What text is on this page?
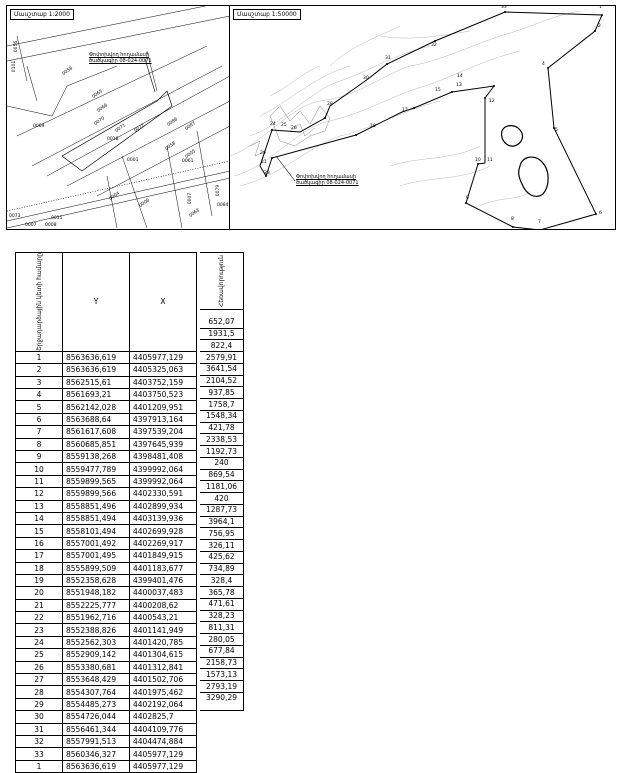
Մասշտաբ 1:2000
Փոփոխվող հողամասի
ծածկագիր 08-024-0071
0056
0101	0058
0065
0066
0069	0070
0071 0072
0086 0087
0018
0001
0058
0005
0061
0004
0006	0007
0063
0079
0084
0073	0015
0007 0008
Մասշտաբ 1:50000
Փոփոխվող հողամասի
ծածկագիր 08-024-0071
1
2
4
5
6
7
8
9
10 11
12
13
14
15
17
18
20
21
23
24 25
26
28
30
31
32
33
Շրջադարձային կետի համարը	Y	X
1	8563636,619	4405977,129
2	8563636,619	4405325,063
3	8562515,61	4403752,159
4	8561693,21	4403750,523
5	8562142,028	4401209,951
6	8563688,64	4397913,164
7	8561617,608	4397539,204
8	8560685,851	4397645,939
9	8559138,268	4398481,408
10	8559477,789	4399992,064
11	8559899,565	4399992,064
12	8559899,566	4402330,591
13	8558851,496	4402899,934
14	8558851,494	4403139,936
15	8558101,494	4402699,928
16	8557001,492	4402269,917
17	8557001,495	4401849,915
18	8555899,509	4401183,677
19	8552358,628	4399401,476
20	8551948,182	4400037,483
21	8552225,777	4400208,62
22	8551962,716	4400543,21
23	8552388,826	4401141,949
24	8552562,303	4401420,785
25	8552909,142	4401304,615
26	8553380,681	4401312,841
27	8553648,429	4401502,706
28	8554307,764	4401975,462
29	8554485,273	4402192,064
30	8554726,044	4402825,7
31	8556461,344	4404109,776
32	8557991,513	4404474,884
33	8560346,327	4405977,129
1	8563636,619	4405977,129
Հեռավորություն
652,07
1931,5
822,4
2579,91
3641,54
2104,52
937,85
1758,7
1548,34
421,78
2338,53
1192,73
240
869,54
1181,06
420
1287,73
3964,1
756,95
326,11
425,62
734,89
328,4
365,78
471,61
328,23
811,31
280,05
677,84
2158,73
1573,13
2793,19
3290,29
